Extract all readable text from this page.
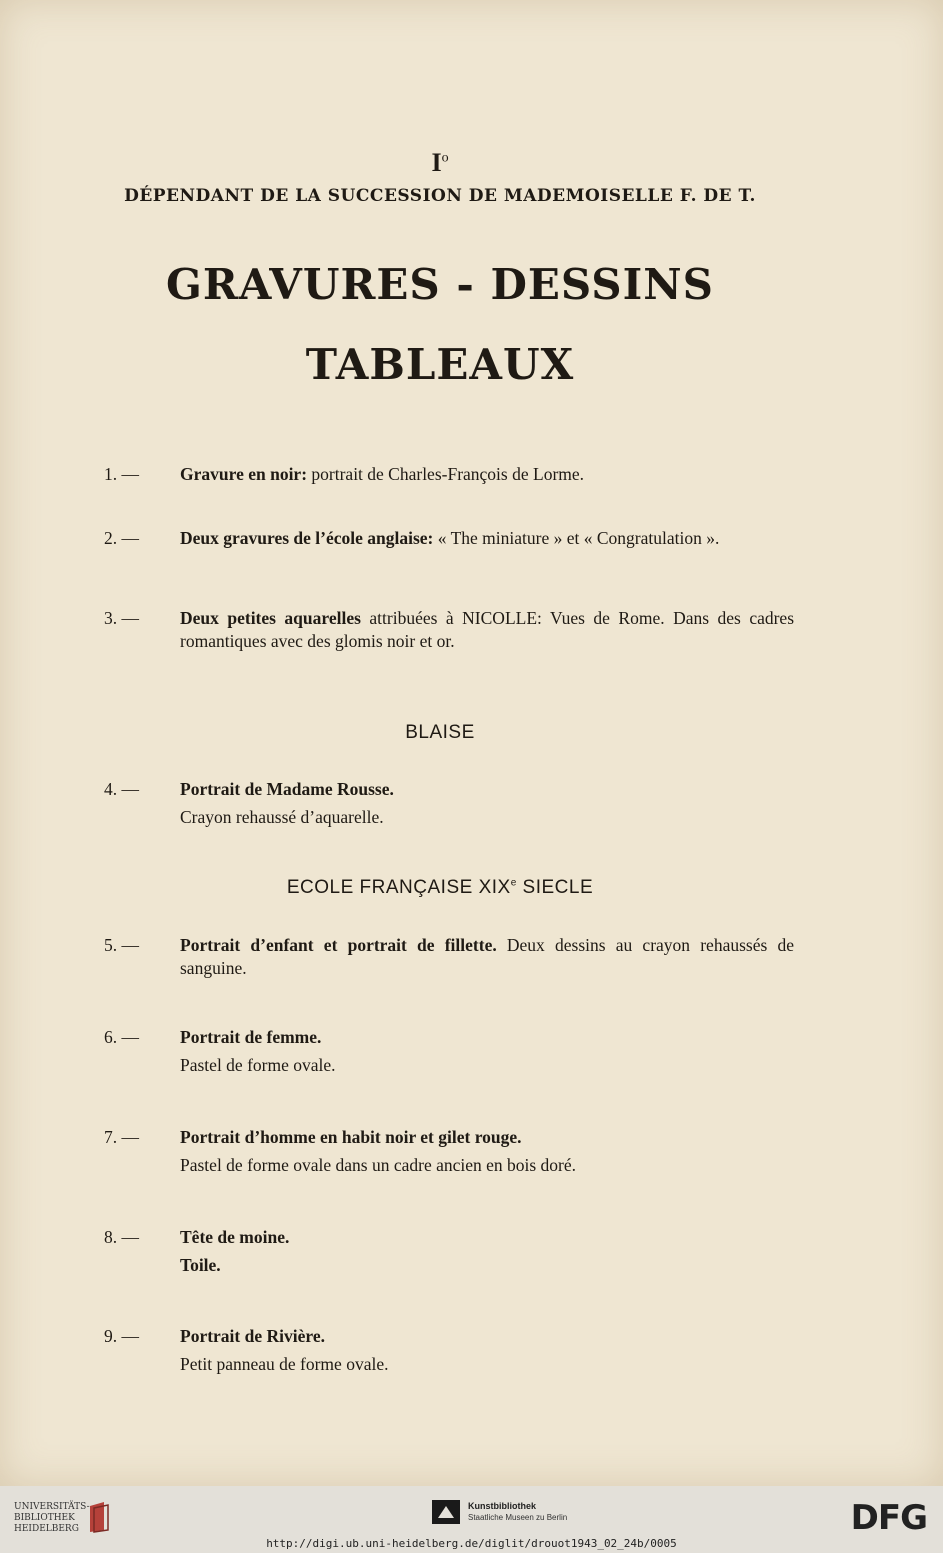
$I^o$
DÉPENDANT DE LA SUCCESSION DE MADEMOISELLE F. DE T.
GRAVURES - DESSINS
TABLEAUX
1. —	Gravure en noir: portrait de Charles-François de Lorme.
2. —	Deux gravures de l’école anglaise: « The miniature » et « Congratulation ».
3. —	Deux petites aquarelles attribuées à NICOLLE: Vues de Rome. Dans des cadres romantiques avec des glomis noir et or.
BLAISE
4. —	Portrait de Madame Rousse.
Crayon rehaussé d’aquarelle.
ECOLE FRANÇAISE XIXe SIECLE
5. —	Portrait d’enfant et portrait de fillette. Deux dessins au crayon rehaussés de sanguine.
6. —	Portrait de femme.
Pastel de forme ovale.
7. —	Portrait d’homme en habit noir et gilet rouge.
Pastel de forme ovale dans un cadre ancien en bois doré.
8. —	Tête de moine.
Toile.
9. —	Portrait de Rivière.
Petit panneau de forme ovale.
UNIVERSITÄTS-
BIBLIOTHEK
HEIDELBERG
Kunstbibliothek
Staatliche Museen zu Berlin	DFG
http://digi.ub.uni-heidelberg.de/diglit/drouot1943_02_24b/0005
